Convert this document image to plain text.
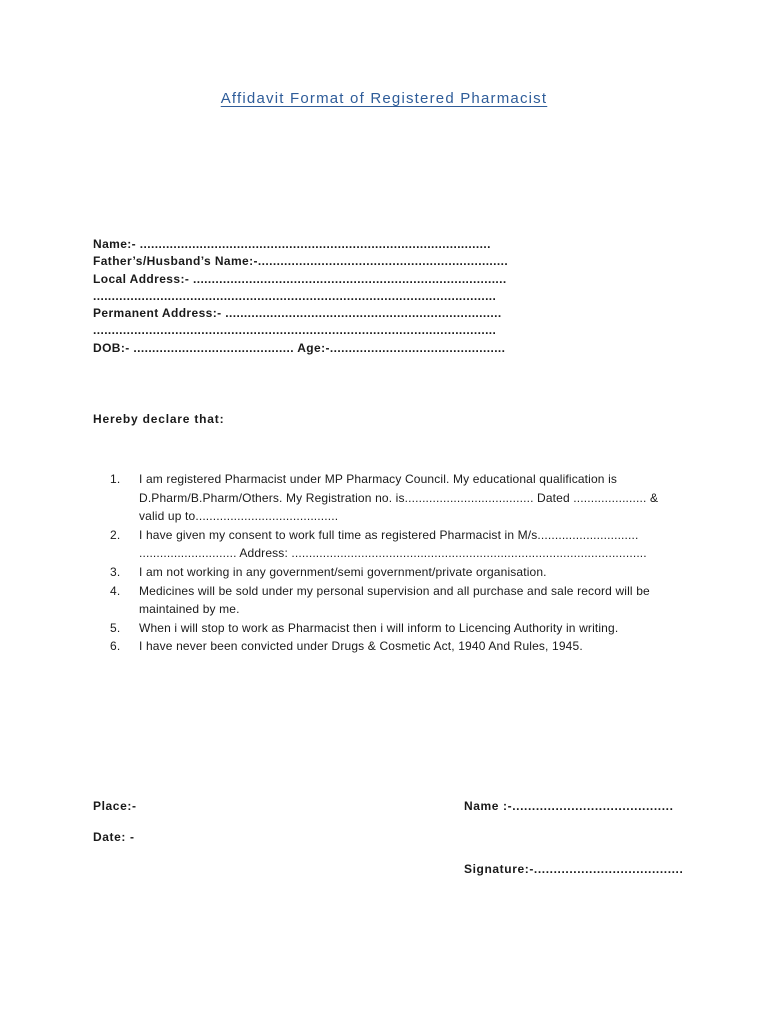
Affidavit Format of Registered Pharmacist
Name:- ..............................................................................................
Father’s/Husband’s Name:-...................................................................
Local Address:- ....................................................................................
............................................................................................................
Permanent Address:- ..........................................................................
............................................................................................................
DOB:- ........................................... Age:-...............................................
Hereby declare that:
1.	I am registered Pharmacist under MP Pharmacy Council. My educational qualification is D.Pharm/B.Pharm/Others. My Registration no. is..................................... Dated ..................... & valid up to.........................................
2.	I have given my consent to work full time as registered Pharmacist in M/s............................. ............................ Address: ......................................................................................................
3.	I am not working in any government/semi government/private organisation.
4.	Medicines will be sold under my personal supervision and all purchase and sale record will be maintained by me.
5.	When i will stop to work as Pharmacist then i will inform to Licencing Authority in writing.
6.	I have never been convicted under Drugs & Cosmetic Act, 1940 And Rules, 1945.
Place:-
Date: -
Name :-.........................................
Signature:-......................................
